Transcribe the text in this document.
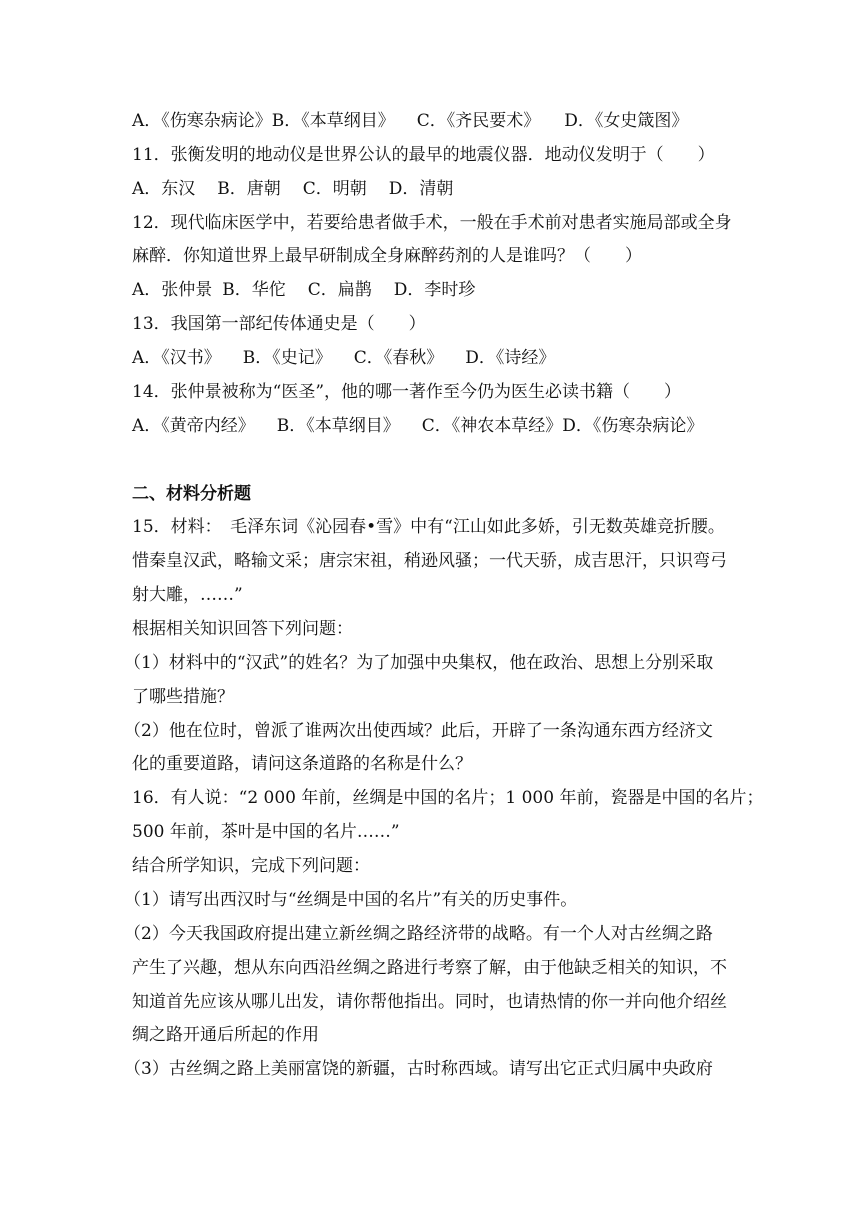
A．《伤寒杂病论》B．《本草纲目》 C．《齐民要术》 D．《女史箴图》
11．张衡发明的地动仪是世界公认的最早的地震仪器．地动仪发明于（　　）
A．东汉 B．唐朝 C．明朝 D．清朝
12．现代临床医学中，若要给患者做手术，一般在手术前对患者实施局部或全身
麻醉．你知道世界上最早研制成全身麻醉药剂的人是谁吗？（　　）
A．张仲景 B．华佗 C．扁鹊 D．李时珍
13．我国第一部纪传体通史是（　　）
A．《汉书》 B．《史记》 C．《春秋》 D．《诗经》
14．张仲景被称为“医圣”，他的哪一著作至今仍为医生必读书籍（　　）
A．《黄帝内经》 B．《本草纲目》 C．《神农本草经》D．《伤寒杂病论》
二、材料分析题
15．材料：　毛泽东词《沁园春•雪》中有“江山如此多娇，引无数英雄竞折腰。
惜秦皇汉武，略输文采；唐宗宋祖，稍逊风骚；一代天骄，成吉思汗，只识弯弓
射大雕，……”
根据相关知识回答下列问题：
（1）材料中的“汉武”的姓名？为了加强中央集权，他在政治、思想上分别采取
了哪些措施？
（2）他在位时，曾派了谁两次出使西域？此后，开辟了一条沟通东西方经济文
化的重要道路，请问这条道路的名称是什么？
16．有人说：“2 000 年前，丝绸是中国的名片；1 000 年前，瓷器是中国的名片；
500 年前，茶叶是中国的名片……”
结合所学知识，完成下列问题：
（1）请写出西汉时与“丝绸是中国的名片”有关的历史事件。
（2）今天我国政府提出建立新丝绸之路经济带的战略。有一个人对古丝绸之路
产生了兴趣，想从东向西沿丝绸之路进行考察了解，由于他缺乏相关的知识，不
知道首先应该从哪儿出发，请你帮他指出。同时，也请热情的你一并向他介绍丝
绸之路开通后所起的作用
（3）古丝绸之路上美丽富饶的新疆，古时称西域。请写出它正式归属中央政府
